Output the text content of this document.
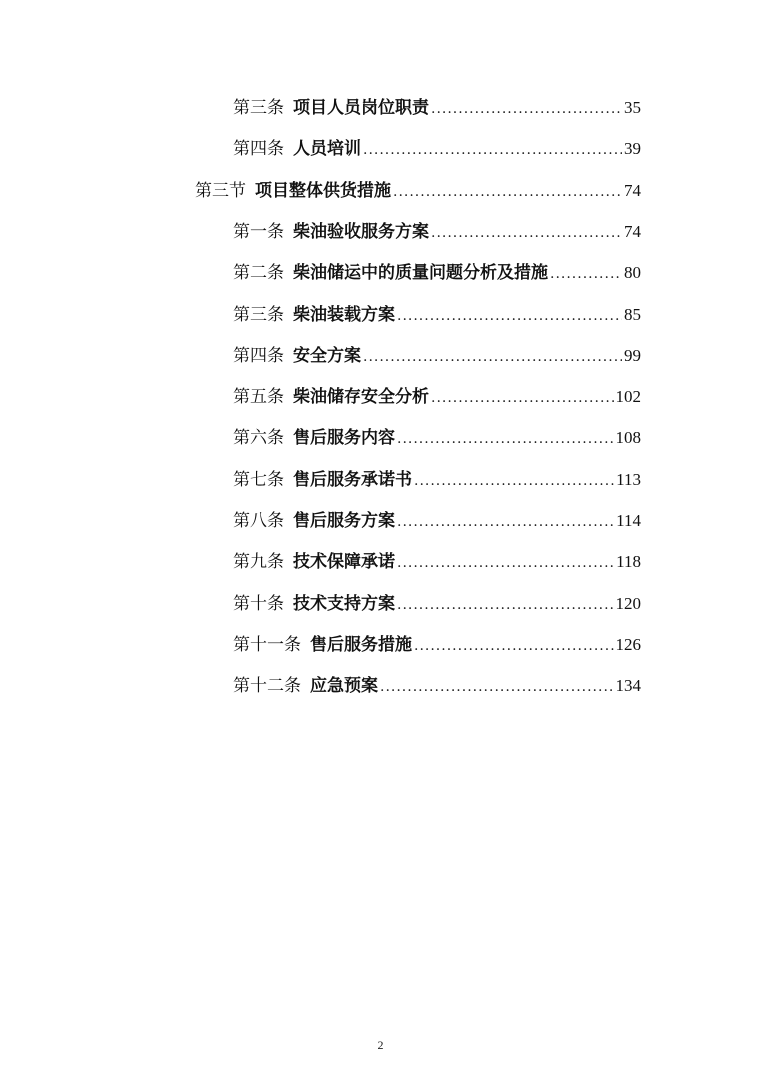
第三条 项目人员岗位职责 .....	35
第四条 人员培训 .....	39
第三节 项目整体供货措施 .....	74
第一条 柴油验收服务方案 .....	74
第二条 柴油储运中的质量问题分析及措施 .....	80
第三条 柴油装载方案 .....	85
第四条 安全方案 .....	99
第五条 柴油储存安全分析 .....	102
第六条 售后服务内容 .....	108
第七条 售后服务承诺书 .....	113
第八条 售后服务方案 .....	114
第九条 技术保障承诺 .....	118
第十条 技术支持方案 .....	120
第十一条 售后服务措施 .....	126
第十二条 应急预案 .....	134
2
